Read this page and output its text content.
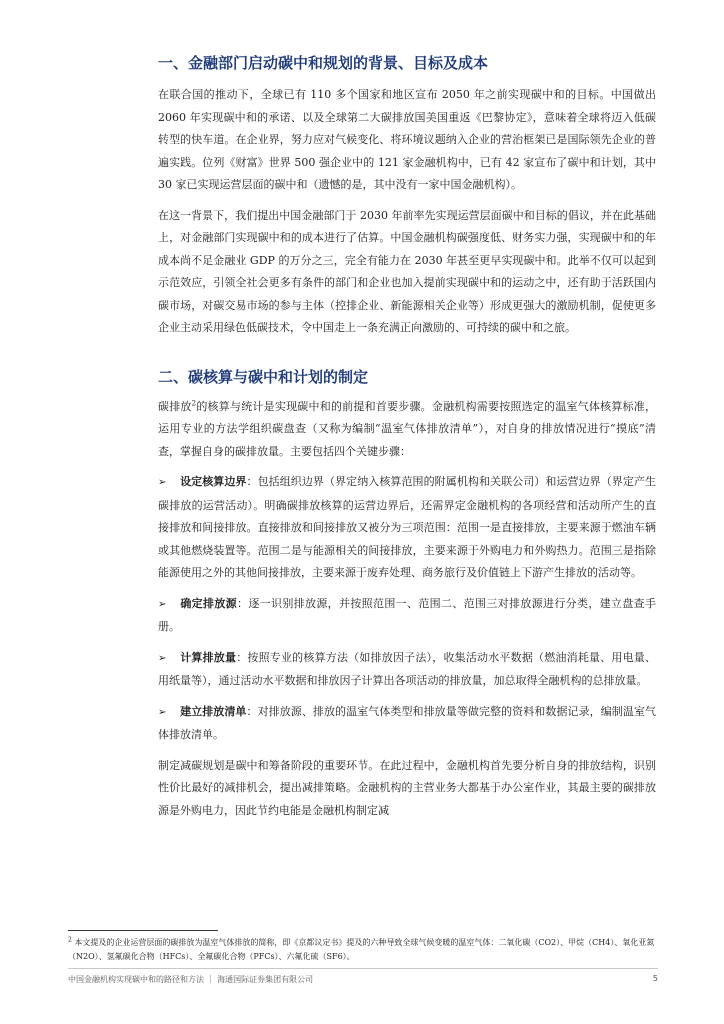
一、金融部门启动碳中和规划的背景、目标及成本

在联合国的推动下，全球已有 110 多个国家和地区宣布 2050 年之前实现碳中和的目标。中国做出 2060 年实现碳中和的承诺、以及全球第二大碳排放国美国重返《巴黎协定》，意味着全球将迈入低碳转型的快车道。在企业界，努力应对气候变化、将环境议题纳入企业的营治框架已是国际领先企业的普遍实践。位列《财富》世界 500 强企业中的 121 家金融机构中，已有 42 家宣布了碳中和计划，其中 30 家已实现运营层面的碳中和（遗憾的是，其中没有一家中国金融机构）。

在这一背景下，我们提出中国金融部门于 2030 年前率先实现运营层面碳中和目标的倡议，并在此基础上，对金融部门实现碳中和的成本进行了估算。中国金融机构碳强度低、财务实力强，实现碳中和的年成本尚不足金融业 GDP 的万分之三，完全有能力在 2030 年甚至更早实现碳中和。此举不仅可以起到示范效应，引领全社会更多有条件的部门和企业也加入提前实现碳中和的运动之中，还有助于活跃国内碳市场，对碳交易市场的参与主体（控排企业、新能源相关企业等）形成更强大的激励机制，促使更多企业主动采用绿色低碳技术，令中国走上一条充满正向激励的、可持续的碳中和之旅。

二、碳核算与碳中和计划的制定

碳排放$^2$的核算与统计是实现碳中和的前提和首要步骤。金融机构需要按照选定的温室气体核算标准，运用专业的方法学组织碳盘查（又称为编制“温室气体排放清单”），对自身的排放情况进行“摸底”清查，掌握自身的碳排放量。主要包括四个关键步骤：

➢ 设定核算边界：包括组织边界（界定纳入核算范围的附属机构和关联公司）和运营边界（界定产生碳排放的运营活动）。明确碳排放核算的运营边界后，还需界定金融机构的各项经营和活动所产生的直接排放和间接排放。直接排放和间接排放又被分为三项范围：范围一是直接排放，主要来源于燃油车辆或其他燃烧装置等。范围二是与能源相关的间接排放，主要来源于外购电力和外购热力。范围三是指除能源使用之外的其他间接排放，主要来源于废弃处理、商务旅行及价值链上下游产生排放的活动等。
➢ 确定排放源：逐一识别排放源，并按照范围一、范围二、范围三对排放源进行分类，建立盘查手册。
➢ 计算排放量：按照专业的核算方法（如排放因子法），收集活动水平数据（燃油消耗量、用电量、用纸量等），通过活动水平数据和排放因子计算出各项活动的排放量，加总取得全融机构的总排放量。
➢ 建立排放清单：对排放源、排放的温室气体类型和排放量等做完整的资料和数据记录，编制温室气体排放清单。

制定减碳规划是碳中和筹备阶段的重要环节。在此过程中，金融机构首先要分析自身的排放结构，识别性价比最好的减排机会，提出减排策略。金融机构的主营业务大都基于办公室作业，其最主要的碳排放源是外购电力，因此节约电能是金融机构制定减

$^2$ 本文提及的企业运营层面的碳排放为温室气体排放的简称，即《京都议定书》提及的六种导致全球气候变暖的温室气体：二氧化碳（CO2）、甲烷（CH4）、氧化亚氮（N2O）、氢氟碳化合物（HFCs）、全氟碳化合物（PFCs）、六氟化硫（SF6）。
中国金融机构实现碳中和的路径和方法 ｜ 海通国际证券集团有限公司	5
